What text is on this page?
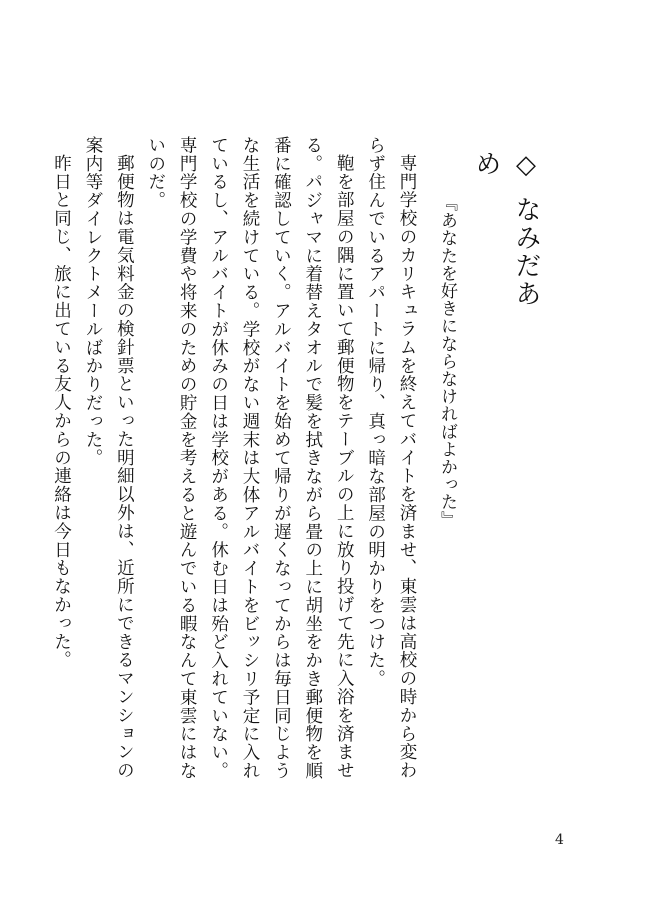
◇なみだあめ
『あなたを好きにならなければよかった』

専門学校のカリキュラムを終えてバイトを済ませ、東雲は高校の時から変わらず住んでいるアパートに帰り、真っ暗な部屋の明かりをつけた。

鞄を部屋の隅に置いて郵便物をテーブルの上に放り投げて先に入浴を済ませる。パジャマに着替えタオルで髪を拭きながら畳の上に胡坐をかき郵便物を順番に確認していく。アルバイトを始めて帰りが遅くなってからは毎日同じような生活を続けている。学校がない週末は大体アルバイトをビッシリ予定に入れているし、アルバイトが休みの日は学校がある。休む日は殆ど入れていない。専門学校の学費や将来のための貯金を考えると遊んでいる暇なんて東雲にはないのだ。

郵便物は電気料金の検針票といった明細以外は、近所にできるマンションの案内等ダイレクトメールばかりだった。

昨日と同じ、旅に出ている友人からの連絡は今日もなかった。

4
